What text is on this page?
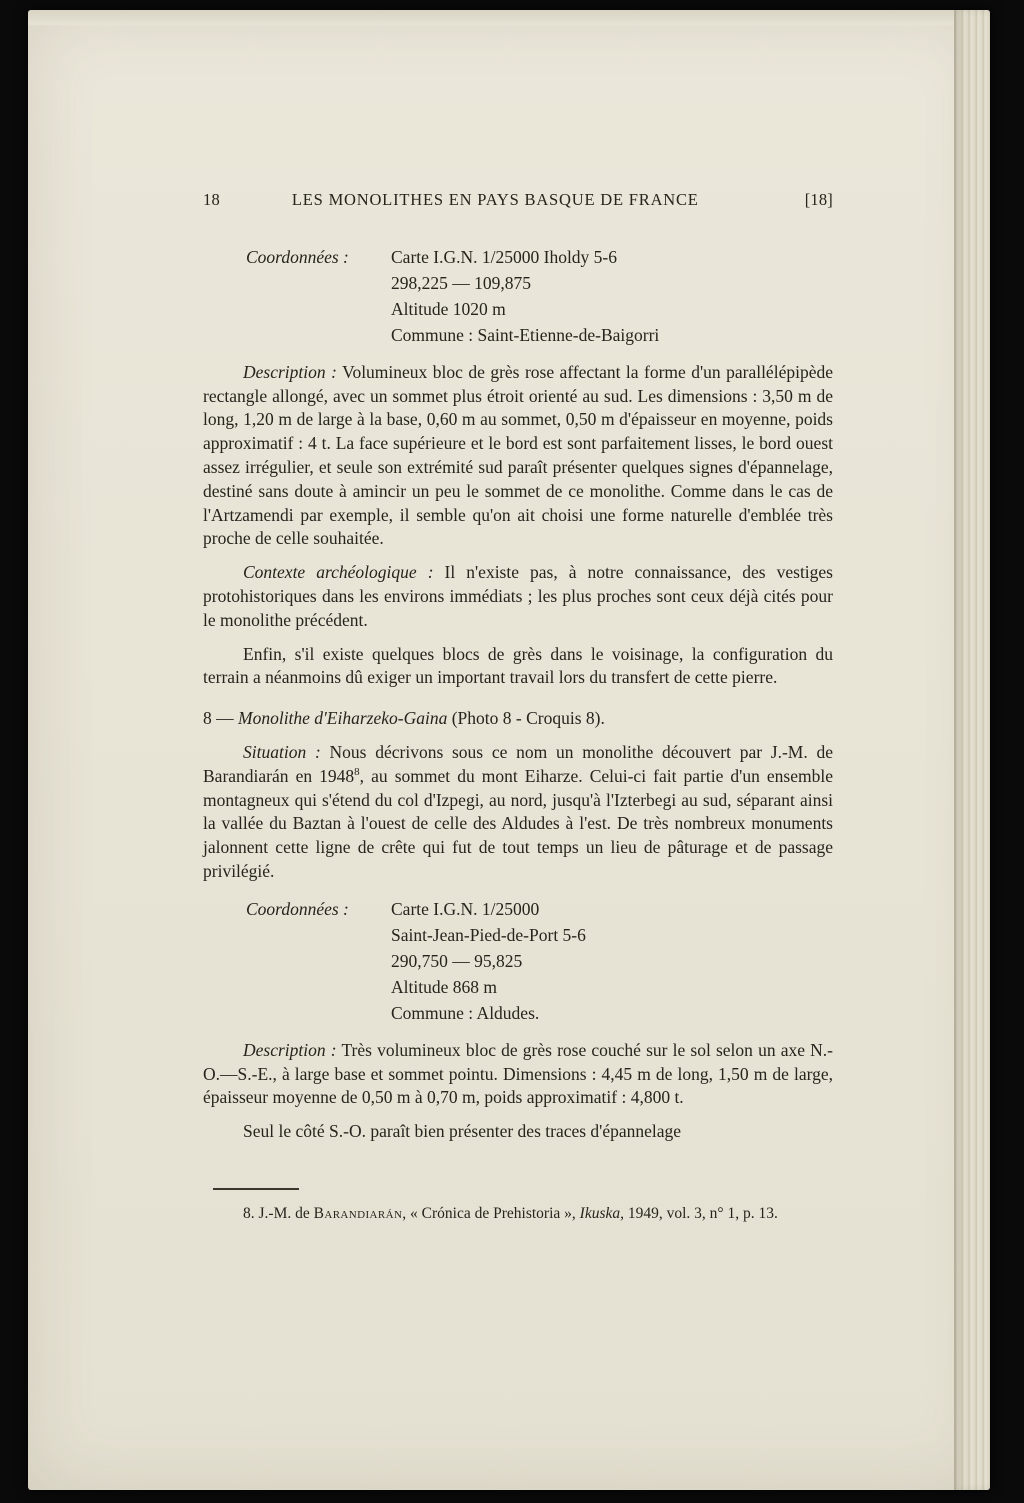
18	LES MONOLITHES EN PAYS BASQUE DE FRANCE	[18]
Coordonnées :	Carte I.G.N. 1/25000 Iholdy 5-6
298,225 — 109,875
Altitude 1020 m
Commune : Saint-Etienne-de-Baigorri

Description : Volumineux bloc de grès rose affectant la forme d'un parallélépipède rectangle allongé, avec un sommet plus étroit orienté au sud. Les dimensions : 3,50 m de long, 1,20 m de large à la base, 0,60 m au sommet, 0,50 m d'épaisseur en moyenne, poids approximatif : 4 t. La face supérieure et le bord est sont parfaitement lisses, le bord ouest assez irrégulier, et seule son extrémité sud paraît présenter quelques signes d'épannelage, destiné sans doute à amincir un peu le sommet de ce monolithe. Comme dans le cas de l'Artzamendi par exemple, il semble qu'on ait choisi une forme naturelle d'emblée très proche de celle souhaitée.

Contexte archéologique : Il n'existe pas, à notre connaissance, des vestiges protohistoriques dans les environs immédiats ; les plus proches sont ceux déjà cités pour le monolithe précédent.

Enfin, s'il existe quelques blocs de grès dans le voisinage, la configuration du terrain a néanmoins dû exiger un important travail lors du transfert de cette pierre.

8 — Monolithe d'Eiharzeko-Gaina (Photo 8 - Croquis 8).

Situation : Nous décrivons sous ce nom un monolithe découvert par J.-M. de Barandiarán en 1948$^8$, au sommet du mont Eiharze. Celui-ci fait partie d'un ensemble montagneux qui s'étend du col d'Izpegi, au nord, jusqu'à l'Izterbegi au sud, séparant ainsi la vallée du Baztan à l'ouest de celle des Aldudes à l'est. De très nombreux monuments jalonnent cette ligne de crête qui fut de tout temps un lieu de pâturage et de passage privilégié.

Coordonnées :	Carte I.G.N. 1/25000
Saint-Jean-Pied-de-Port 5-6
290,750 — 95,825
Altitude 868 m
Commune : Aldudes.

Description : Très volumineux bloc de grès rose couché sur le sol selon un axe N.-O.—S.-E., à large base et sommet pointu. Dimensions : 4,45 m de long, 1,50 m de large, épaisseur moyenne de 0,50 m à 0,70 m, poids approximatif : 4,800 t.

Seul le côté S.-O. paraît bien présenter des traces d'épannelage

8. J.-M. de Barandiarán, « Crónica de Prehistoria », Ikuska, 1949, vol. 3, n° 1, p. 13.
